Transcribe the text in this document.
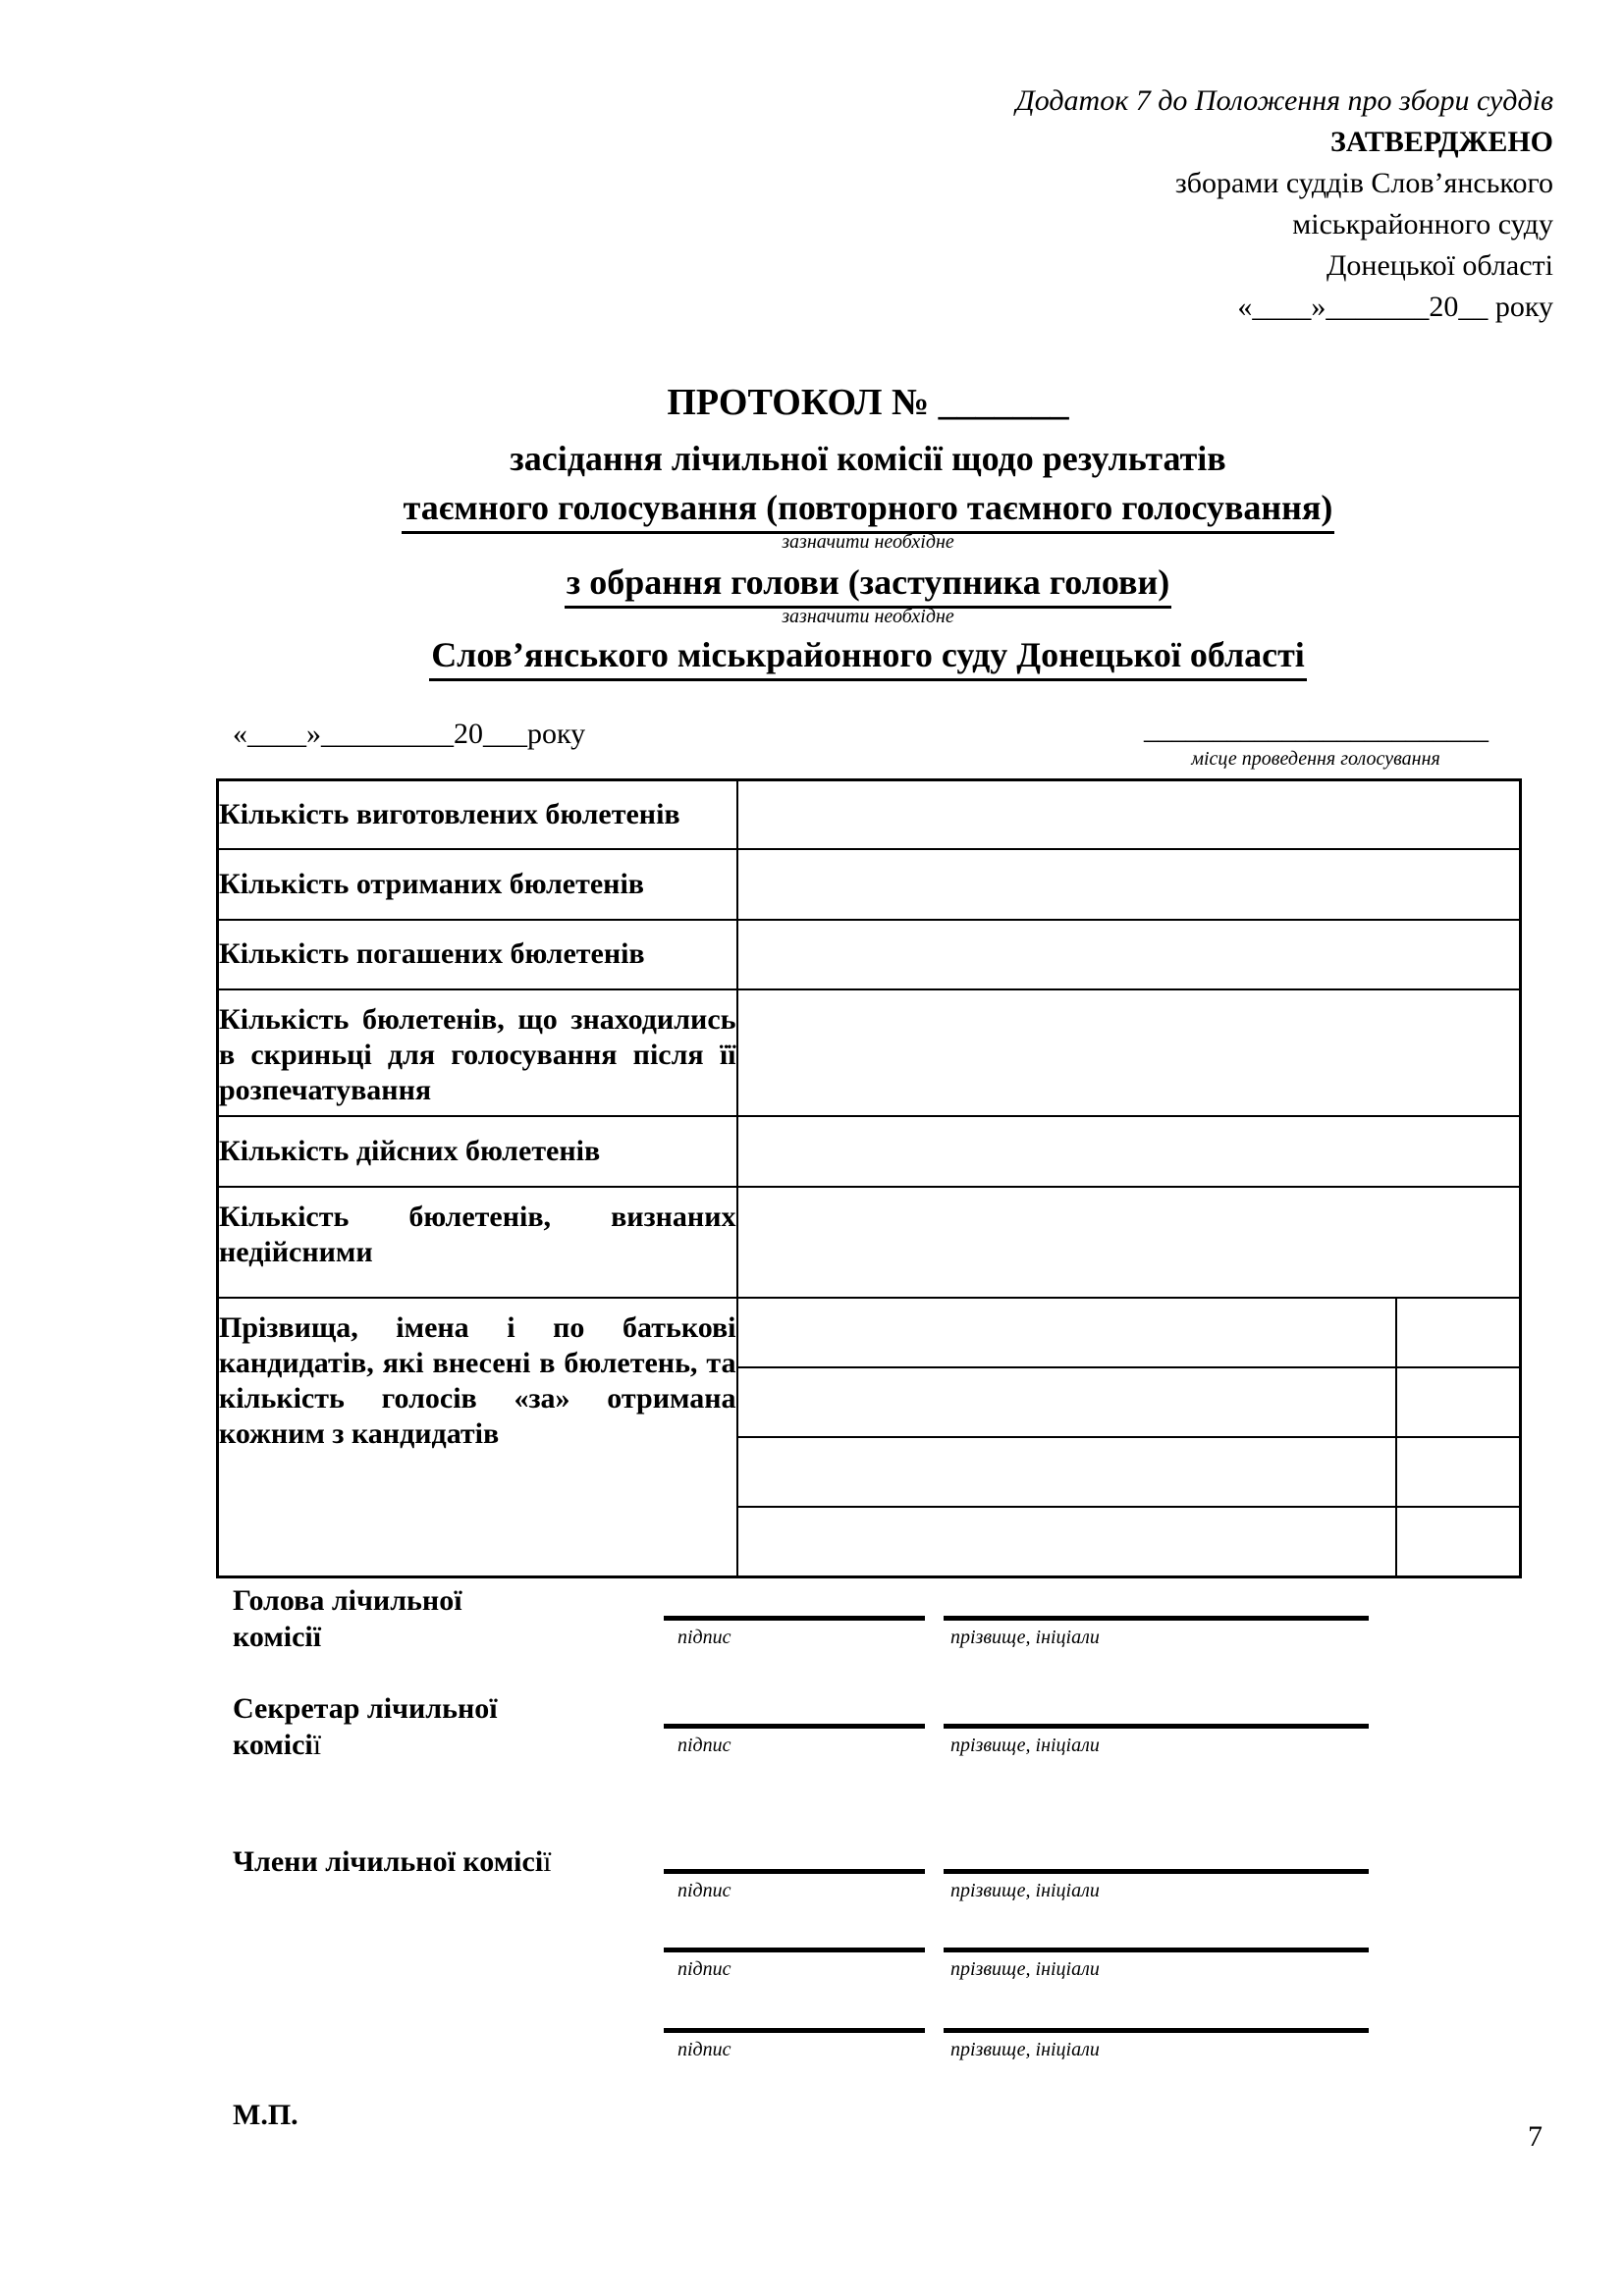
Додаток 7 до Положення про збори суддів
ЗАТВЕРДЖЕНО
зборами суддів Слов’янського
міськрайонного суду
Донецької області
«____»_______20__ року
ПРОТОКОЛ № _______
засідання лічильної комісії щодо результатів
таємного голосування (повторного таємного голосування)
зазначити необхідне
з обрання голови (заступника голови)
зазначити необхідне
Слов’янського міськрайонного суду Донецької області
«____»_________20___року	_________________________
місце проведення голосування
Кількість виготовлених бюлетенів		
Кількість отриманих бюлетенів		
Кількість погашених бюлетенів		
Кількість бюлетенів, що знаходились в скриньці для голосування після її розпечатування		
Кількість дійсних бюлетенів		
Кількість бюлетенів, визнаних недійсними		
Прізвища, імена і по батькові кандидатів, які внесені в бюлетень, та кількість голосів «за» отримана кожним з кандидатів		

Голова лічильної комісії	підпис	прізвище, ініціали
Секретар лічильної комісії	підпис	прізвище, ініціали
Члени лічильної комісії
підпис	прізвище, ініціали
підпис	прізвище, ініціали
підпис	прізвище, ініціали
М.П.
7
